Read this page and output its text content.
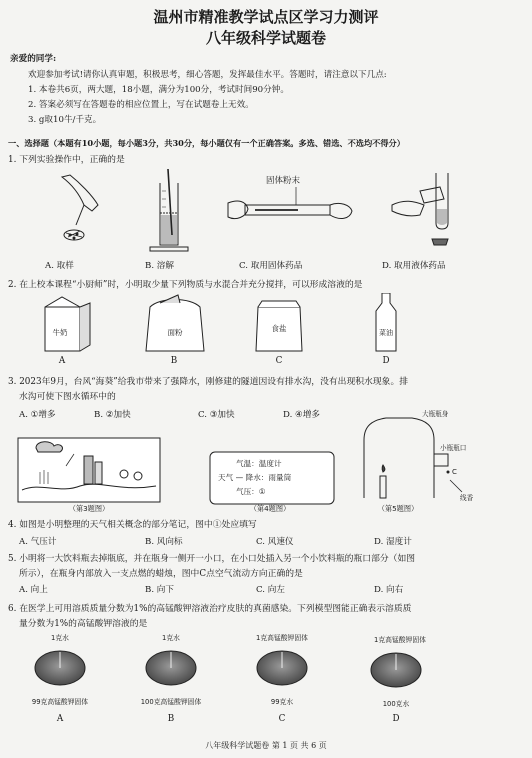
温州市精准教学试点区学习力测评
八年级科学试题卷
亲爱的同学:
欢迎参加考试!请你认真审题，积极思考，细心答题，发挥最佳水平。答题时，请注意以下几点:
1. 本卷共6页，两大题，18小题，满分为100分，考试时间90分钟。
2. 答案必须写在答题卷的相应位置上，写在试题卷上无效。
3. g取10牛/千克。
一、选择题（本题有10小题，每小题3分，共30分，每小题仅有一个正确答案。多选、错选、不选均不得分）
1. 下列实验操作中，正确的是
固体粉末
A. 取样	B. 溶解	C. 取用固体药品	D. 取用液体药品
2. 在上校本课程“小厨师”时，小明取少量下列物质与水混合并充分搅拌，可以形成溶液的是
牛奶	面粉	食盐	菜油
A	B	C	D
3. 2023年9月，台风“海葵”给我市带来了强降水，刚修建的隧道因设有排水沟，没有出现积水现象。排
水沟可使下图水循环中的
A. ①增多	B. ②加快	C. ③加快	D. ④増多
（第3题图）
气温：温度计
天气 — 降水：雨量筒
气压：①
（第4题图）
大瓶瓶身
小瓶瓶口
线香
C
（第5题图）
4. 如图是小明整理的天气相关概念的部分笔记，图中①处应填写
A. 气压计	B. 风向标	C. 风速仪	D. 湿度计
5. 小明将一大饮料瓶去掉瓶底，并在瓶身一侧开一小口，在小口处插入另一个小饮料瓶的瓶口部分（如图
所示），在瓶身内部放入一支点燃的蜡烛，图中C点空气流动方向正确的是
A. 向上	B. 向下	C. 向左	D. 向右
6. 在医学上可用溶质质量分数为1%的高锰酸钾溶液治疗皮肤的真菌感染。下列模型图能正确表示溶质质
量分数为1%的高锰酸钾溶液的是
1克水	1克水	1克高锰酸钾固体	1克高锰酸钾固体
99克高锰酸钾固体	100克高锰酸钾固体	99克水	100克水
A	B	C	D
八年级科学试题卷 第 1 页 共 6 页
